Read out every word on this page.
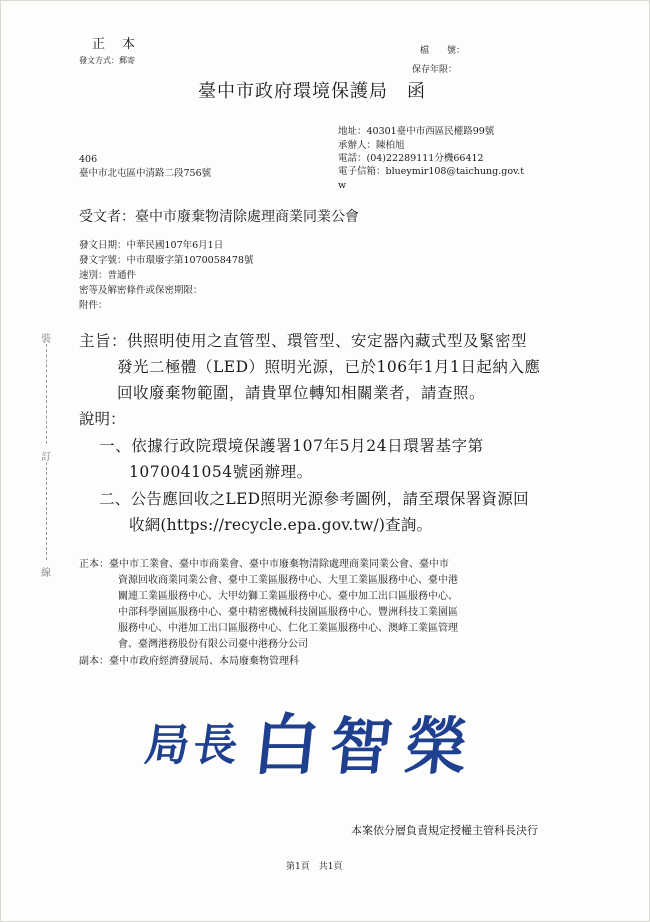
正　本
發文方式：郵寄
檔　　號：
保存年限：
臺中市政府環境保護局　函
地址：40301臺中市西區民權路99號
承辦人：陳柏旭
電話：(04)22289111分機66412
電子信箱：blueymir108@taichung.gov.t
w
406
臺中市北屯區中清路二段756號
受文者：臺中市廢棄物清除處理商業同業公會
發文日期：中華民國107年6月1日
發文字號：中市環廢字第1070058478號
速別：普通件
密等及解密條件或保密期限：
附件：
裝
訂
線
主旨：供照明使用之直管型、環管型、安定器內藏式型及緊密型
發光二極體（LED）照明光源，已於106年1月1日起納入應
回收廢棄物範圍，請貴單位轉知相關業者，請查照。
說明：
一、依據行政院環境保護署107年5月24日環署基字第
1070041054號函辦理。
二、公告應回收之LED照明光源參考圖例，請至環保署資源回
收網(https://recycle.epa.gov.tw/)查詢。
正本：臺中市工業會、臺中市商業會、臺中市廢棄物清除處理商業同業公會、臺中市
資源回收商業同業公會、臺中工業區服務中心、大里工業區服務中心、臺中港
關連工業區服務中心、大甲幼獅工業區服務中心、臺中加工出口區服務中心、
中部科學園區服務中心、臺中精密機械科技園區服務中心、豐洲科技工業園區
服務中心、中港加工出口區服務中心、仁化工業區服務中心、澳峰工業區管理
會、臺灣港務股份有限公司臺中港務分公司
副本：臺中市政府經濟發展局、本局廢棄物管理科
局
長 白 智 榮
本案依分層負責規定授權主管科長決行
第1頁　共1頁
